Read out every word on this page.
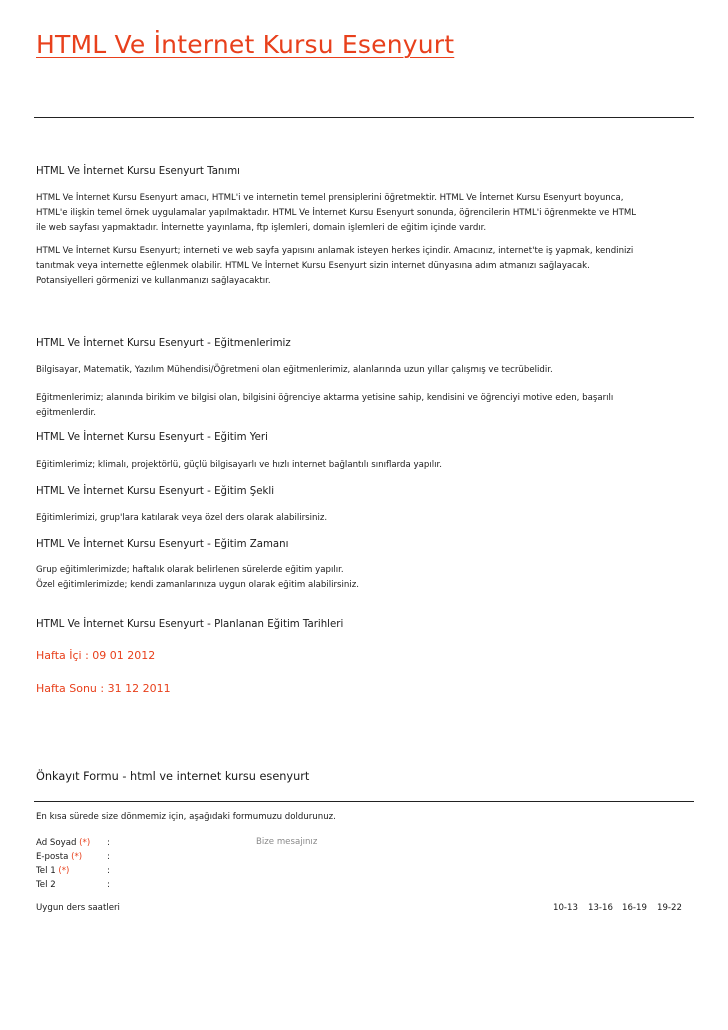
HTML Ve İnternet Kursu Esenyurt
HTML Ve İnternet Kursu Esenyurt Tanımı
HTML Ve İnternet Kursu Esenyurt amacı, HTML'i ve internetin temel prensiplerini öğretmektir. HTML Ve İnternet Kursu Esenyurt boyunca,
HTML'e ilişkin temel örnek uygulamalar yapılmaktadır. HTML Ve İnternet Kursu Esenyurt sonunda, öğrencilerin HTML'i öğrenmekte ve HTML
ile web sayfası yapmaktadır. İnternette yayınlama, ftp işlemleri, domain işlemleri de eğitim içinde vardır.
HTML Ve İnternet Kursu Esenyurt; interneti ve web sayfa yapısını anlamak isteyen herkes içindir. Amacınız, internet'te iş yapmak, kendinizi
tanıtmak veya internette eğlenmek olabilir. HTML Ve İnternet Kursu Esenyurt sizin internet dünyasına adım atmanızı sağlayacak.
Potansiyelleri görmenizi ve kullanmanızı sağlayacaktır.
HTML Ve İnternet Kursu Esenyurt - Eğitmenlerimiz
Bilgisayar, Matematik, Yazılım Mühendisi/Öğretmeni olan eğitmenlerimiz, alanlarında uzun yıllar çalışmış ve tecrübelidir.
Eğitmenlerimiz; alanında birikim ve bilgisi olan, bilgisini öğrenciye aktarma yetisine sahip, kendisini ve öğrenciyi motive eden, başarılı
eğitmenlerdir.
HTML Ve İnternet Kursu Esenyurt - Eğitim Yeri
Eğitimlerimiz; klimalı, projektörlü, güçlü bilgisayarlı ve hızlı internet bağlantılı sınıflarda yapılır.
HTML Ve İnternet Kursu Esenyurt - Eğitim Şekli
Eğitimlerimizi, grup'lara katılarak veya özel ders olarak alabilirsiniz.
HTML Ve İnternet Kursu Esenyurt - Eğitim Zamanı
Grup eğitimlerimizde; haftalık olarak belirlenen sürelerde eğitim yapılır.
Özel eğitimlerimizde; kendi zamanlarınıza uygun olarak eğitim alabilirsiniz.
HTML Ve İnternet Kursu Esenyurt - Planlanan Eğitim Tarihleri
Hafta İçi : 09 01 2012
Hafta Sonu : 31 12 2011
Önkayıt Formu - html ve internet kursu esenyurt
En kısa sürede size dönmemiz için, aşağıdaki formumuzu doldurunuz.
Ad Soyad (*) :
E-posta (*)	:
Tel 1 (*)	:
Tel 2	:
Bize mesajınız
Uygun ders saatleri	10-13 13-16 16-19 19-22
